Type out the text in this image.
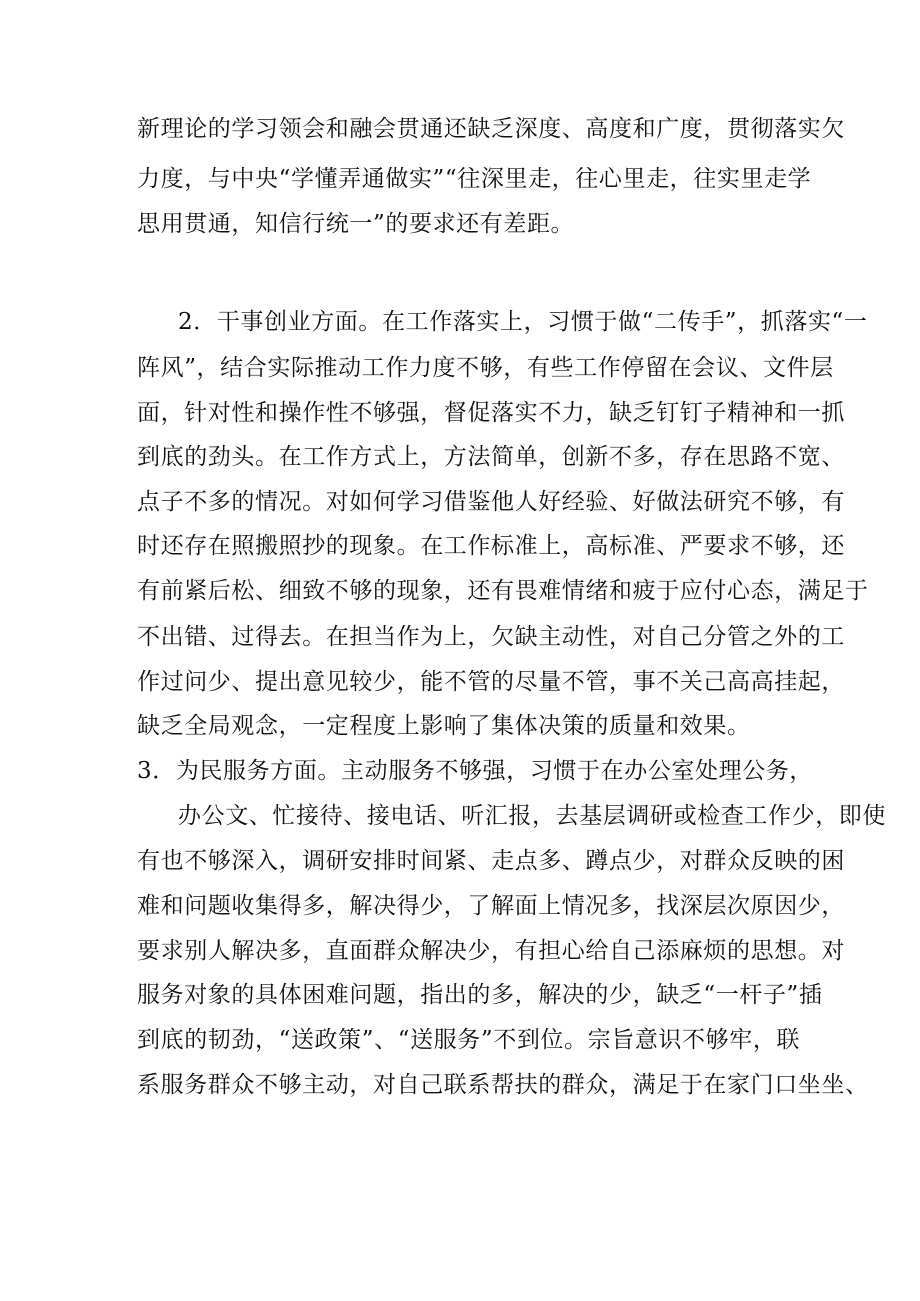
新理论的学习领会和融会贯通还缺乏深度、高度和广度，贯彻落实欠

力度，与中央“学懂弄通做实”“往深里走，往心里走，往实里走学

思用贯通，知信行统一”的要求还有差距。

2．干事创业方面。在工作落实上，习惯于做“二传手”，抓落实“一

阵风”，结合实际推动工作力度不够，有些工作停留在会议、文件层

面，针对性和操作性不够强，督促落实不力，缺乏钉钉子精神和一抓

到底的劲头。在工作方式上，方法简单，创新不多，存在思路不宽、

点子不多的情况。对如何学习借鉴他人好经验、好做法研究不够，有

时还存在照搬照抄的现象。在工作标准上，高标准、严要求不够，还

有前紧后松、细致不够的现象，还有畏难情绪和疲于应付心态，满足于

不出错、过得去。在担当作为上，欠缺主动性，对自己分管之外的工

作过问少、提出意见较少，能不管的尽量不管，事不关己高高挂起，

缺乏全局观念，一定程度上影响了集体决策的质量和效果。

3．为民服务方面。主动服务不够强，习惯于在办公室处理公务，

办公文、忙接待、接电话、听汇报，去基层调研或检查工作少，即使

有也不够深入，调研安排时间紧、走点多、蹲点少，对群众反映的困

难和问题收集得多，解决得少，了解面上情况多，找深层次原因少，

要求别人解决多，直面群众解决少，有担心给自己添麻烦的思想。对

服务对象的具体困难问题，指出的多，解决的少，缺乏“一杆子”插

到底的韧劲，“送政策”、“送服务”不到位。宗旨意识不够牢，联

系服务群众不够主动，对自己联系帮扶的群众，满足于在家门口坐坐、
